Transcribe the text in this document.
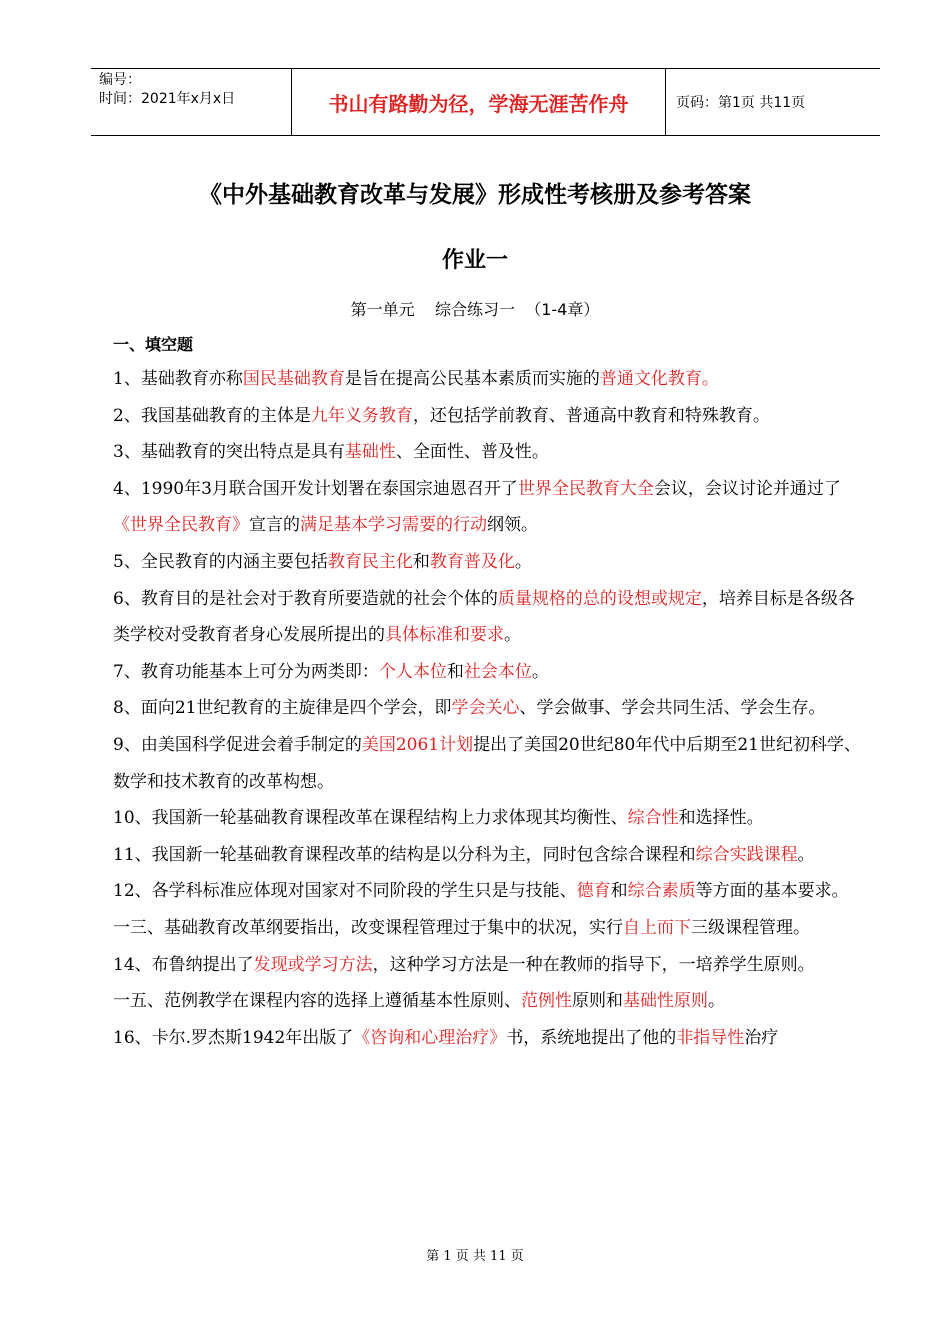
编号：
时间：2021年x月x日	书山有路勤为径，学海无涯苦作舟	页码：第1页 共11页
《中外基础教育改革与发展》形成性考核册及参考答案
作业一
第一单元    综合练习一  （1-4章）
一、填空题

1、基础教育亦称国民基础教育是旨在提高公民基本素质而实施的普通文化教育。

2、我国基础教育的主体是九年义务教育，还包括学前教育、普通高中教育和特殊教育。

3、基础教育的突出特点是具有基础性、全面性、普及性。

4、1990年3月联合国开发计划署在泰国宗迪恩召开了世界全民教育大全会议，会议讨论并通过了《世界全民教育》宣言的满足基本学习需要的行动纲领。

5、全民教育的内涵主要包括教育民主化和教育普及化。

6、教育目的是社会对于教育所要造就的社会个体的质量规格的总的设想或规定，培养目标是各级各类学校对受教育者身心发展所提出的具体标准和要求。

7、教育功能基本上可分为两类即：个人本位和社会本位。

8、面向21世纪教育的主旋律是四个学会，即学会关心、学会做事、学会共同生活、学会生存。

9、由美国科学促进会着手制定的美国2061计划提出了美国20世纪80年代中后期至21世纪初科学、数学和技术教育的改革构想。

10、我国新一轮基础教育课程改革在课程结构上力求体现其均衡性、综合性和选择性。

11、我国新一轮基础教育课程改革的结构是以分科为主，同时包含综合课程和综合实践课程。

12、各学科标准应体现对国家对不同阶段的学生只是与技能、德育和综合素质等方面的基本要求。

一三、基础教育改革纲要指出，改变课程管理过于集中的状况，实行自上而下三级课程管理。

14、布鲁纳提出了发现或学习方法，这种学习方法是一种在教师的指导下，一培养学生原则。

一五、范例教学在课程内容的选择上遵循基本性原则、范例性原则和基础性原则。

16、卡尔.罗杰斯1942年出版了《咨询和心理治疗》书，系统地提出了他的非指导性治疗

第 1 页 共 11 页
